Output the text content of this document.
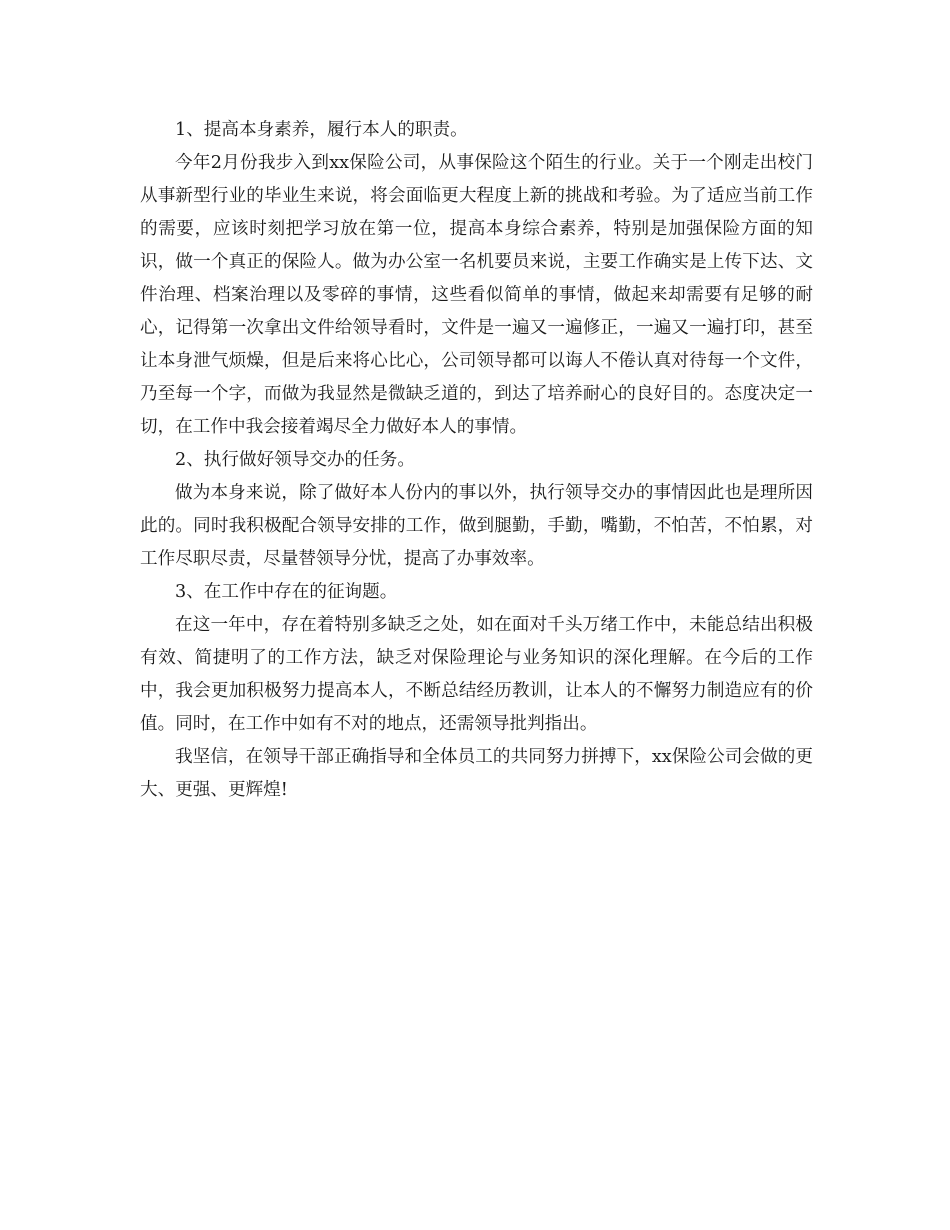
1、提高本身素养，履行本人的职责。

今年2月份我步入到xx保险公司，从事保险这个陌生的行业。关于一个刚走出校门从事新型行业的毕业生来说，将会面临更大程度上新的挑战和考验。为了适应当前工作的需要，应该时刻把学习放在第一位，提高本身综合素养，特别是加强保险方面的知识，做一个真正的保险人。做为办公室一名机要员来说，主要工作确实是上传下达、文件治理、档案治理以及零碎的事情，这些看似简单的事情，做起来却需要有足够的耐心，记得第一次拿出文件给领导看时，文件是一遍又一遍修正，一遍又一遍打印，甚至让本身泄气烦燥，但是后来将心比心，公司领导都可以诲人不倦认真对待每一个文件，乃至每一个字，而做为我显然是微缺乏道的，到达了培养耐心的良好目的。态度决定一切，在工作中我会接着竭尽全力做好本人的事情。

2、执行做好领导交办的任务。

做为本身来说，除了做好本人份内的事以外，执行领导交办的事情因此也是理所因此的。同时我积极配合领导安排的工作，做到腿勤，手勤，嘴勤，不怕苦，不怕累，对工作尽职尽责，尽量替领导分忧，提高了办事效率。

3、在工作中存在的征询题。

在这一年中，存在着特别多缺乏之处，如在面对千头万绪工作中，未能总结出积极有效、简捷明了的工作方法，缺乏对保险理论与业务知识的深化理解。在今后的工作中，我会更加积极努力提高本人，不断总结经历教训，让本人的不懈努力制造应有的价值。同时，在工作中如有不对的地点，还需领导批判指出。

我坚信，在领导干部正确指导和全体员工的共同努力拼搏下，xx保险公司会做的更大、更强、更辉煌!
